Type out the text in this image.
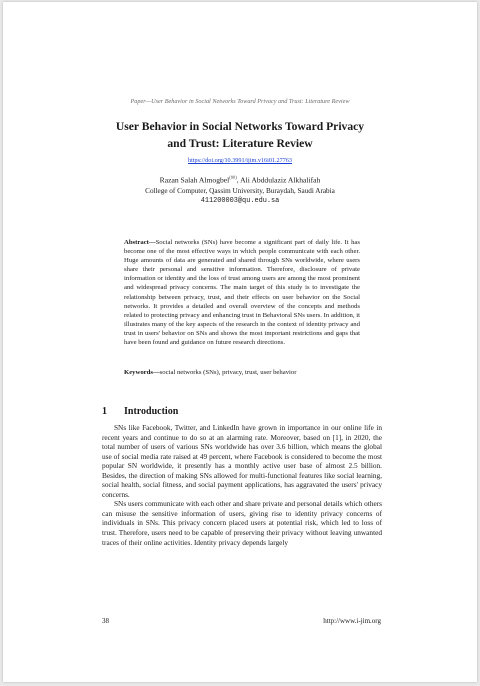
Paper—User Behavior in Social Networks Toward Privacy and Trust: Literature Review
User Behavior in Social Networks Toward Privacy
and Trust: Literature Review
https://doi.org/10.3991/ijim.v16i01.27763
Razan Salah Almogbel(✉), Ali Abddulaziz Alkhalifah
College of Computer, Qassim University, Buraydah, Saudi Arabia
411200003@qu.edu.sa
Abstract—Social networks (SNs) have become a significant part of daily life. It has become one of the most effective ways in which people communicate with each other. Huge amounts of data are generated and shared through SNs worldwide, where users share their personal and sensitive information. Therefore, disclosure of private information or identity and the loss of trust among users are among the most prominent and widespread privacy concerns. The main target of this study is to investigate the relationship between privacy, trust, and their effects on user behavior on the Social networks. It provides a detailed and overall overview of the concepts and methods related to protecting privacy and enhancing trust in Behavioral SNs users. In addition, it illustrates many of the key aspects of the research in the context of identity privacy and trust in users' behavior on SNs and shows the most important restrictions and gaps that have been found and guidance on future research directions.
Keywords—social networks (SNs), privacy, trust, user behavior
1 Introduction

SNs like Facebook, Twitter, and LinkedIn have grown in importance in our online life in recent years and continue to do so at an alarming rate. Moreover, based on [1], in 2020, the total number of users of various SNs worldwide has over 3.6 billion, which means the global use of social media rate raised at 49 percent, where Facebook is considered to become the most popular SN worldwide, it presently has a monthly active user base of almost 2.5 billion. Besides, the direction of making SNs allowed for multi-functional features like social learning, social health, social fitness, and social payment applications, has aggravated the users' privacy concerns.

SNs users communicate with each other and share private and personal details which others can misuse the sensitive information of users, giving rise to identity privacy concerns of individuals in SNs. This privacy concern placed users at potential risk, which led to loss of trust. Therefore, users need to be capable of preserving their privacy without leaving unwanted traces of their online activities. Identity privacy depends largely

38	http://www.i-jim.org
